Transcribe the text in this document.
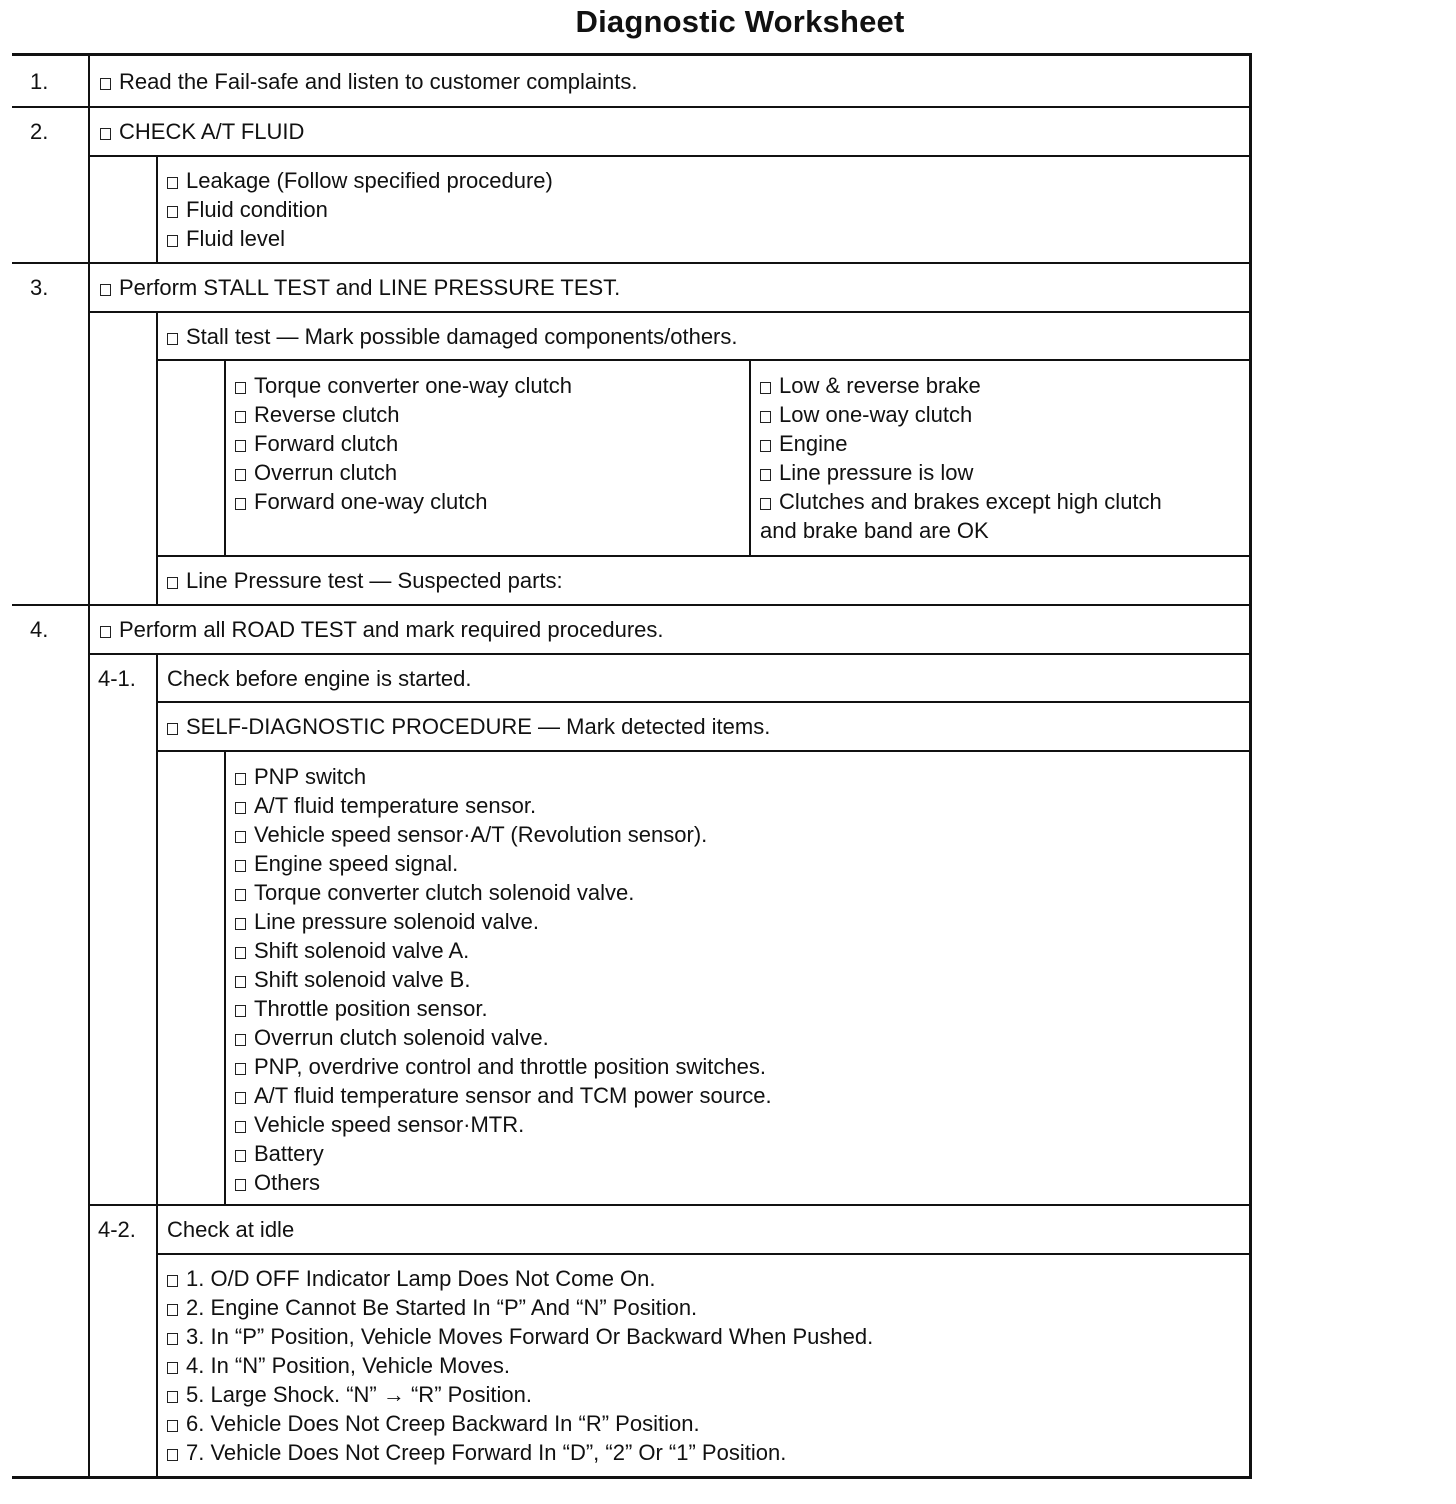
Diagnostic Worksheet
1.	Read the Fail-safe and listen to customer complaints.
2.	CHECK A/T FLUID
Leakage (Follow specified procedure)
Fluid condition
Fluid level
3.	Perform STALL TEST and LINE PRESSURE TEST.
Stall test — Mark possible damaged components/others.
Torque converter one-way clutch
Reverse clutch
Forward clutch
Overrun clutch
Forward one-way clutch
Low & reverse brake
Low one-way clutch
Engine
Line pressure is low
Clutches and brakes except high clutch
and brake band are OK
Line Pressure test — Suspected parts:
4.	Perform all ROAD TEST and mark required procedures.
4-1. Check before engine is started.
SELF-DIAGNOSTIC PROCEDURE — Mark detected items.
PNP switch
A/T fluid temperature sensor.
Vehicle speed sensor·A/T (Revolution sensor).
Engine speed signal.
Torque converter clutch solenoid valve.
Line pressure solenoid valve.
Shift solenoid valve A.
Shift solenoid valve B.
Throttle position sensor.
Overrun clutch solenoid valve.
PNP, overdrive control and throttle position switches.
A/T fluid temperature sensor and TCM power source.
Vehicle speed sensor·MTR.
Battery
Others
4-2. Check at idle
1. O/D OFF Indicator Lamp Does Not Come On.
2. Engine Cannot Be Started In “P” And “N” Position.
3. In “P” Position, Vehicle Moves Forward Or Backward When Pushed.
4. In “N” Position, Vehicle Moves.
5. Large Shock. “N” → “R” Position.
6. Vehicle Does Not Creep Backward In “R” Position.
7. Vehicle Does Not Creep Forward In “D”, “2” Or “1” Position.
